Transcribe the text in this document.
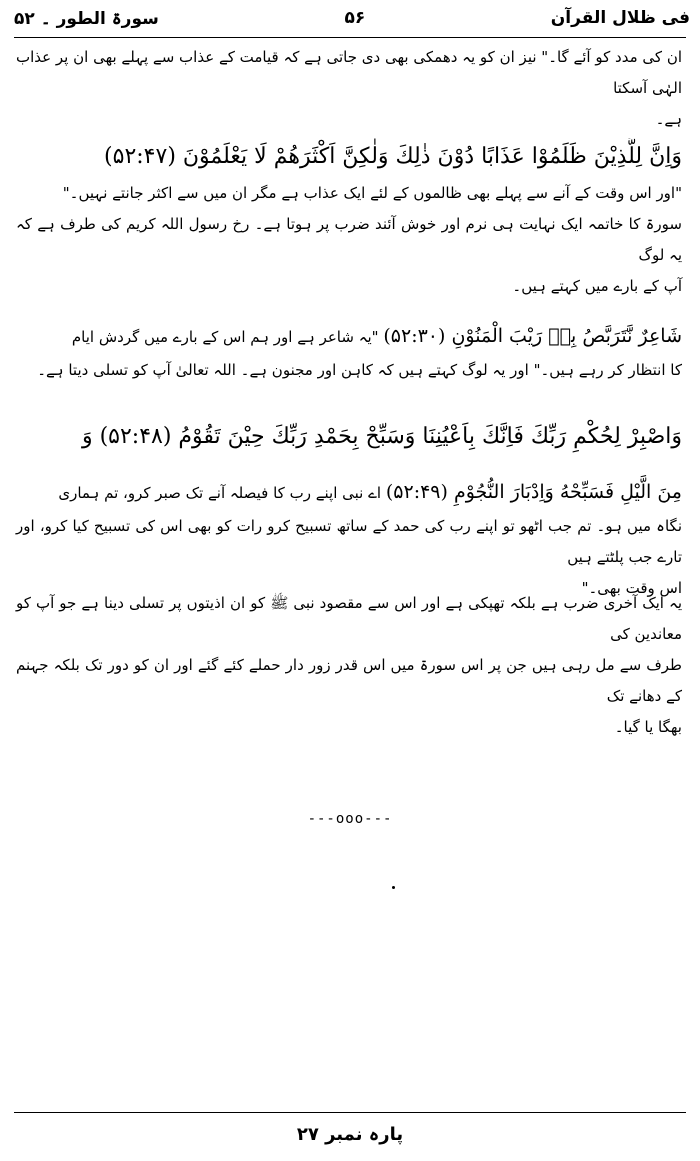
فی ظلال القرآن
۵۶
سورۃ الطور ۔ ۵۲

ان کی مدد کو آئے گا۔" نیز ان کو یہ دھمکی بھی دی جاتی ہے کہ قیامت کے عذاب سے پہلے بھی ان پر عذاب الہٰی آسکتا

ہے۔

وَاِنَّ لِلَّذِيْنَ ظَلَمُوْا عَذَابًا دُوْنَ ذٰلِكَ وَلٰكِنَّ اَكْثَرَهُمْ لَا يَعْلَمُوْنَ (۵۲:۴۷)

"اور اس وقت کے آنے سے پہلے بھی ظالموں کے لئے ایک عذاب ہے مگر ان میں سے اکثر جانتے نہیں۔"

سورۃ کا خاتمہ ایک نہایت ہی نرم اور خوش آئند ضرب پر ہوتا ہے۔ رخ رسول اللہ کریم کی طرف ہے کہ یہ لوگ

آپ کے بارے میں کہتے ہیں۔

شَاعِرٌ نَّتَرَبَّصُ بِهٖ رَيْبَ الْمَنُوْنِ (۵۲:۳۰) "یہ شاعر ہے اور ہم اس کے بارے میں گردش ایام

کا انتظار کر رہے ہیں۔" اور یہ لوگ کہتے ہیں کہ کاہن اور مجنون ہے۔ اللہ تعالیٰ آپ کو تسلی دیتا ہے۔

وَاصْبِرْ لِحُكْمِ رَبِّكَ فَاِنَّكَ بِاَعْيُنِنَا وَسَبِّحْ بِحَمْدِ رَبِّكَ حِيْنَ تَقُوْمُ (۵۲:۴۸) وَ

مِنَ الَّيْلِ فَسَبِّحْهُ وَاِدْبَارَ النُّجُوْمِ (۵۲:۴۹) اے نبی اپنے رب کا فیصلہ آنے تک صبر کرو، تم ہماری

نگاہ میں ہو۔ تم جب اٹھو تو اپنے رب کی حمد کے ساتھ تسبیح کرو رات کو بھی اس کی تسبیح کیا کرو، اور تارے جب پلٹتے ہیں

اس وقت بھی۔"

یہ ایک آخری ضرب ہے بلکہ تھپکی ہے اور اس سے مقصود نبی ﷺ کو ان اذیتوں پر تسلی دینا ہے جو آپ کو معاندین کی

طرف سے مل رہی ہیں جن پر اس سورۃ میں اس قدر زور دار حملے کئے گئے اور ان کو دور تک بلکہ جہنم کے دھانے تک

بھگا یا گیا۔

---ooo---
پارہ نمبر ۲۷
